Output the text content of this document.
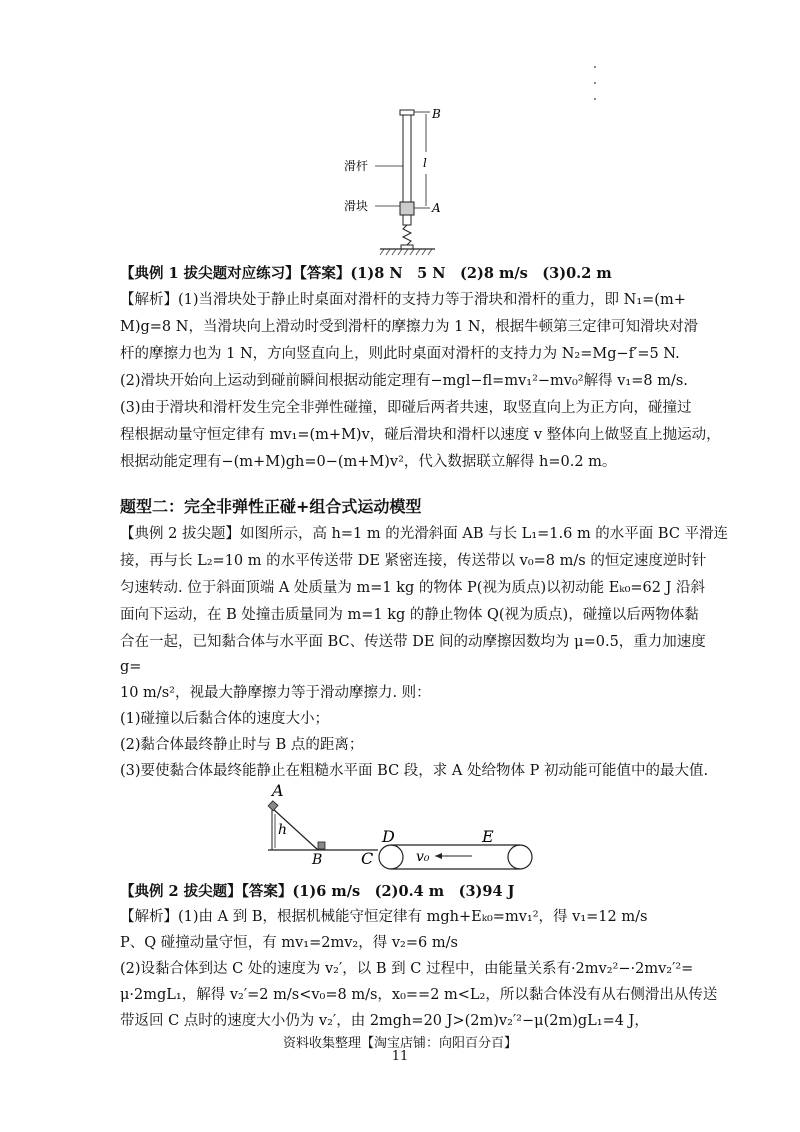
B
l
A
滑杆
滑块
【典例 1 拔尖题对应练习】【答案】(1)8 N　5 N　(2)8 m/s　(3)0.2 m
【解析】(1)当滑块处于静止时桌面对滑杆的支持力等于滑块和滑杆的重力，即 N₁=(m+
M)g=8 N，当滑块向上滑动时受到滑杆的摩擦力为 1 N，根据牛顿第三定律可知滑块对滑
杆的摩擦力也为 1 N，方向竖直向上，则此时桌面对滑杆的支持力为 N₂=Mg−f′=5 N.
(2)滑块开始向上运动到碰前瞬间根据动能定理有−mgl−fl=mv₁²−mv₀²解得 v₁=8 m/s.
(3)由于滑块和滑杆发生完全非弹性碰撞，即碰后两者共速，取竖直向上为正方向，碰撞过
程根据动量守恒定律有 mv₁=(m+M)v，碰后滑块和滑杆以速度 v 整体向上做竖直上抛运动，
根据动能定理有−(m+M)gh=0−(m+M)v²，代入数据联立解得 h=0.2 m。
题型二：完全非弹性正碰+组合式运动模型
【典例 2 拔尖题】如图所示，高 h=1 m 的光滑斜面 AB 与长 L₁=1.6 m 的水平面 BC 平滑连
接，再与长 L₂=10 m 的水平传送带 DE 紧密连接，传送带以 v₀=8 m/s 的恒定速度逆时针
匀速转动. 位于斜面顶端 A 处质量为 m=1 kg 的物体 P(视为质点)以初动能 Eₖ₀=62 J 沿斜
面向下运动，在 B 处撞击质量同为 m=1 kg 的静止物体 Q(视为质点)，碰撞以后两物体黏
合在一起，已知黏合体与水平面 BC、传送带 DE 间的动摩擦因数均为 μ=0.5，重力加速度
g=
10 m/s²，视最大静摩擦力等于滑动摩擦力. 则：
(1)碰撞以后黏合体的速度大小；
(2)黏合体最终静止时与 B 点的距离；
(3)要使黏合体最终能静止在粗糙水平面 BC 段，求 A 处给物体 P 初动能可能值中的最大值.
A
h
B C
D	E
v₀
【典例 2 拔尖题】【答案】(1)6 m/s　(2)0.4 m　(3)94 J
【解析】(1)由 A 到 B，根据机械能守恒定律有 mgh+Eₖ₀=mv₁²，得 v₁=12 m/s
P、Q 碰撞动量守恒，有 mv₁=2mv₂，得 v₂=6 m/s
(2)设黏合体到达 C 处的速度为 v₂′，以 B 到 C 过程中，由能量关系有·2mv₂²−·2mv₂′²=
μ·2mgL₁，解得 v₂′=2 m/s<v₀=8 m/s，x₀==2 m<L₂，所以黏合体没有从右侧滑出从传送
带返回 C 点时的速度大小仍为 v₂′，由 2mgh=20 J>(2m)v₂′²−μ(2m)gL₁=4 J，
资料收集整理【淘宝店铺：向阳百分百】
11
